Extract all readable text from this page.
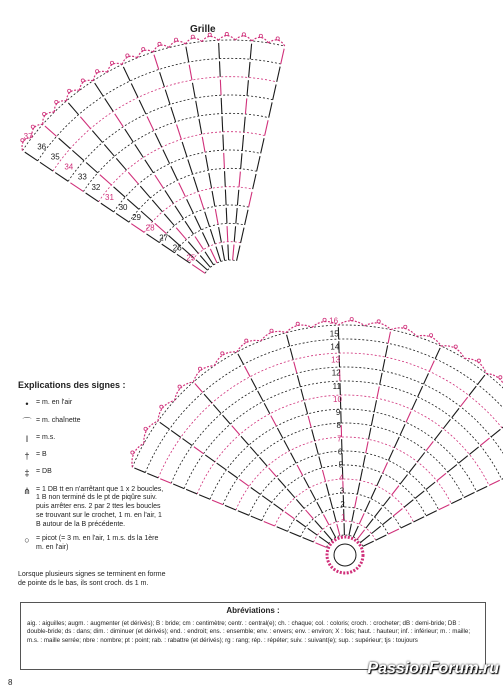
37
36
35
34
33
32
31
30
29
28
27
26
25
16
15
14
13
12
11
10
9
8
7
6
5
4
3
2
1
Grille
Explications des signes :
•	= m. en l'air
⌒ = m. chaînette
I	= m.s.
† = B
‡ = DB
⋔ = 1 DB tt en n'arrêtant que 1 x 2 boucles, 1 B non terminé ds le pt de piqûre suiv. puis arrêter ens. 2 par 2 ttes les boucles se trouvant sur le crochet, 1 m. en l'air, 1 B autour de la B précédente.
○ = picot (= 3 m. en l'air, 1 m.s. ds la 1ère m. en l'air)
Lorsque plusieurs signes se terminent en forme de pointe ds le bas, ils sont croch. ds 1 m.
Abréviations :
aig. : aiguilles; augm. : augmenter (et dérivés); B : bride; cm : centimètre; centr. : central(e); ch. : chaque; col. : coloris; croch. : crocheter; dB : demi-bride; DB : double-bride; ds : dans; dim. : diminuer (et dérivés); end. : endroit; ens. : ensemble; env. : envers; env. : environ; X : fois; haut. : hauteur; inf. : inférieur; m. : maille; m.s. : maille serrée; nbre : nombre; pt : point; rab. : rabattre (et dérivés); rg : rang; rép. : répéter; suiv. : suivant(e); sup. : supérieur; tjs : toujours
8
PassionForum.ru
